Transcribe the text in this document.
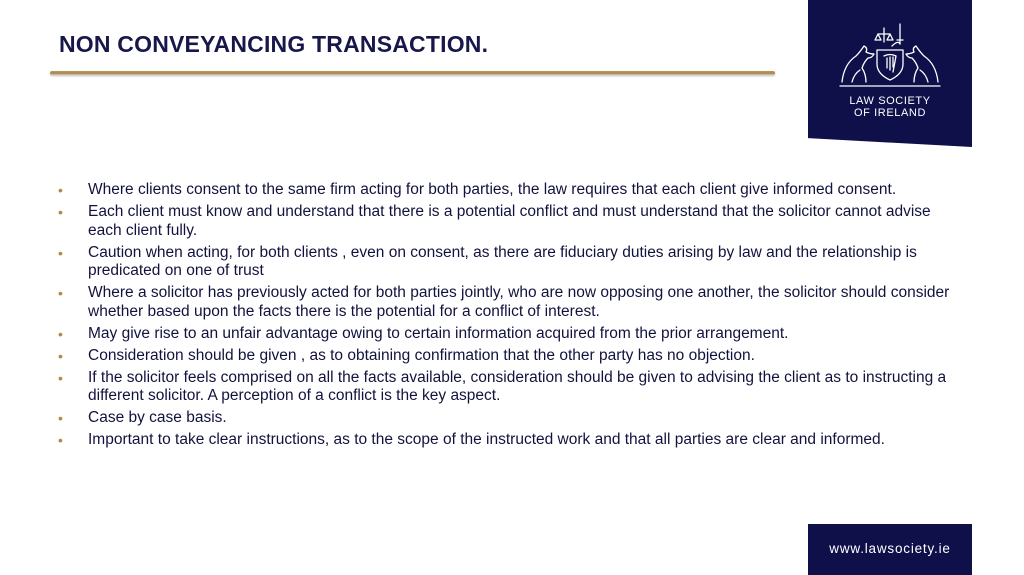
NON CONVEYANCING TRANSACTION.
LAW SOCIETY
OF IRELAND
• Where clients consent to the same firm acting for both parties, the law requires that each client give informed consent.
• Each client must know and understand that there is a potential conflict and must understand that the solicitor cannot advise each client fully.
• Caution when acting, for both clients , even on consent, as there are fiduciary duties arising by law and the relationship is predicated on one of trust
• Where a solicitor has previously acted for both parties jointly, who are now opposing one another, the solicitor should consider whether based upon the facts there is the potential for a conflict of interest.
• May give rise to an unfair advantage owing to certain information acquired from the prior arrangement.
• Consideration should be given , as to obtaining confirmation that the other party has no objection.
• If the solicitor feels comprised on all the facts available, consideration should be given to advising the client as to instructing a different solicitor. A perception of a conflict is the key aspect.
• Case by case basis.
• Important to take clear instructions, as to the scope of the instructed work and that all parties are clear and informed.
www.lawsociety.ie
